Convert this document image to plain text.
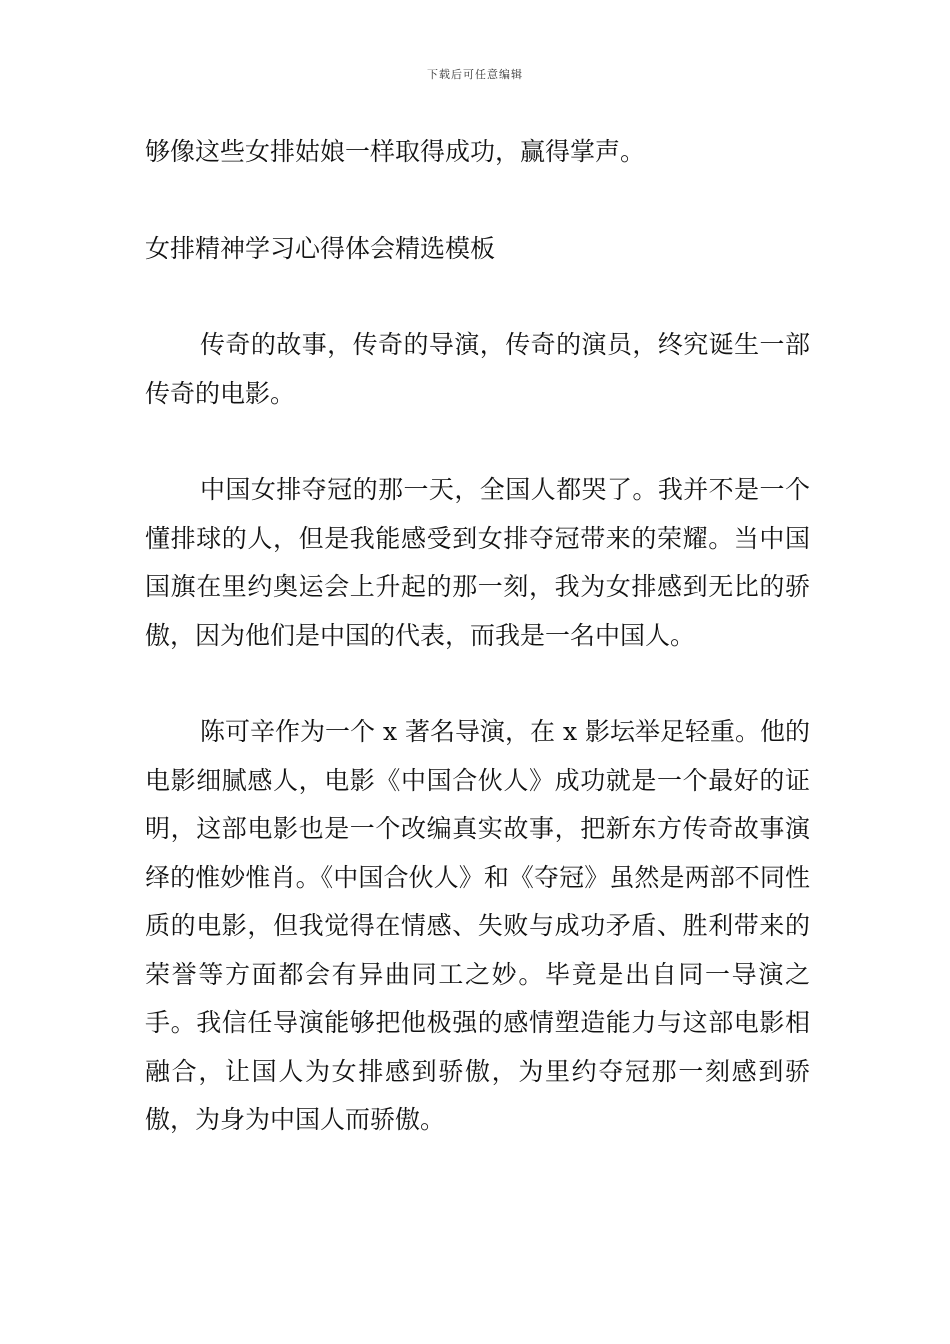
下载后可任意编辑

够像这些女排姑娘一样取得成功，赢得掌声。

女排精神学习心得体会精选模板

传奇的故事，传奇的导演，传奇的演员，终究诞生一部传奇的电影。

中国女排夺冠的那一天，全国人都哭了。我并不是一个懂排球的人，但是我能感受到女排夺冠带来的荣耀。当中国国旗在里约奥运会上升起的那一刻，我为女排感到无比的骄傲，因为他们是中国的代表，而我是一名中国人。

陈可辛作为一个 x 著名导演，在 x 影坛举足轻重。他的电影细腻感人，电影《中国合伙人》成功就是一个最好的证明，这部电影也是一个改编真实故事，把新东方传奇故事演绎的惟妙惟肖。《中国合伙人》和《夺冠》虽然是两部不同性质的电影，但我觉得在情感、失败与成功矛盾、胜利带来的荣誉等方面都会有异曲同工之妙。毕竟是出自同一导演之手。我信任导演能够把他极强的感情塑造能力与这部电影相融合，让国人为女排感到骄傲，为里约夺冠那一刻感到骄傲，为身为中国人而骄傲。
